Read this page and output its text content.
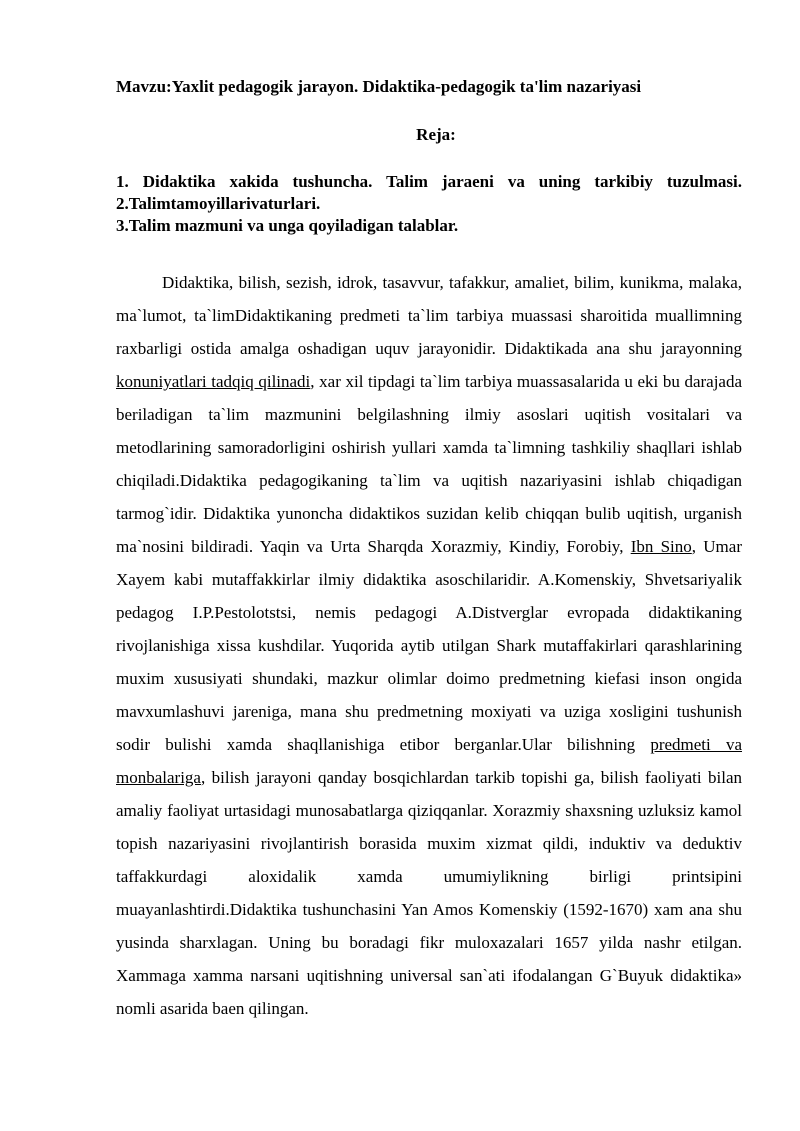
Mavzu:Yaxlit pedagogik jarayon. Didaktika-pedagogik ta'lim nazariyasi

Reja:

1. Didaktika xakida tushuncha. Talim jaraeni va uning tarkibiy tuzulmasi.
2.Talimtamoyillarivaturlari.
3.Talim mazmuni va unga qoyiladigan talablar.

Didaktika, bilish, sezish, idrok, tasavvur, tafakkur, amaliet, bilim, kunikma, malaka, ma`lumot, ta`limDidaktikaning predmeti ta`lim tarbiya muassasi sharoitida muallimning raxbarligi ostida amalga oshadigan uquv jarayonidir. Didaktikada ana shu jarayonning konuniyatlari tadqiq qilinadi, xar xil tipdagi ta`lim tarbiya muassasalarida u eki bu darajada beriladigan ta`lim mazmunini belgilashning ilmiy asoslari uqitish vositalari va metodlarining samoradorligini oshirish yullari xamda ta`limning tashkiliy shaqllari ishlab chiqiladi.Didaktika pedagogikaning ta`lim va uqitish nazariyasini ishlab chiqadigan tarmog`idir. Didaktika yunoncha didaktikos suzidan kelib chiqqan bulib uqitish, urganish ma`nosini bildiradi. Yaqin va Urta Sharqda Xorazmiy, Kindiy, Forobiy, Ibn Sino, Umar Xayem kabi mutaffakkirlar ilmiy didaktika asoschilaridir. A.Komenskiy, Shvetsariyalik pedagog I.P.Pestolotstsi, nemis pedagogi A.Distverglar evropada didaktikaning rivojlanishiga xissa kushdilar. Yuqorida aytib utilgan Shark mutaffakirlari qarashlarining muxim xususiyati shundaki, mazkur olimlar doimo predmetning kiefasi inson ongida mavxumlashuvi jareniga, mana shu predmetning moxiyati va uziga xosligini tushunish sodir bulishi xamda shaqllanishiga etibor berganlar.Ular bilishning predmeti va monbalariga, bilish jarayoni qanday bosqichlardan tarkib topishi ga, bilish faoliyati bilan amaliy faoliyat urtasidagi munosabatlarga qiziqqanlar. Xorazmiy shaxsning uzluksiz kamol topish nazariyasini rivojlantirish borasida muxim xizmat qildi, induktiv va deduktiv taffakkurdagi aloxidalik xamda umumiylikning birligi printsipini muayanlashtirdi.Didaktika tushunchasini Yan Amos Komenskiy (1592-1670) xam ana shu yusinda sharxlagan. Uning bu boradagi fikr muloxazalari 1657 yilda nashr etilgan. Xammaga xamma narsani uqitishning universal san`ati ifodalangan G`Buyuk didaktika» nomli asarida baen qilingan.
